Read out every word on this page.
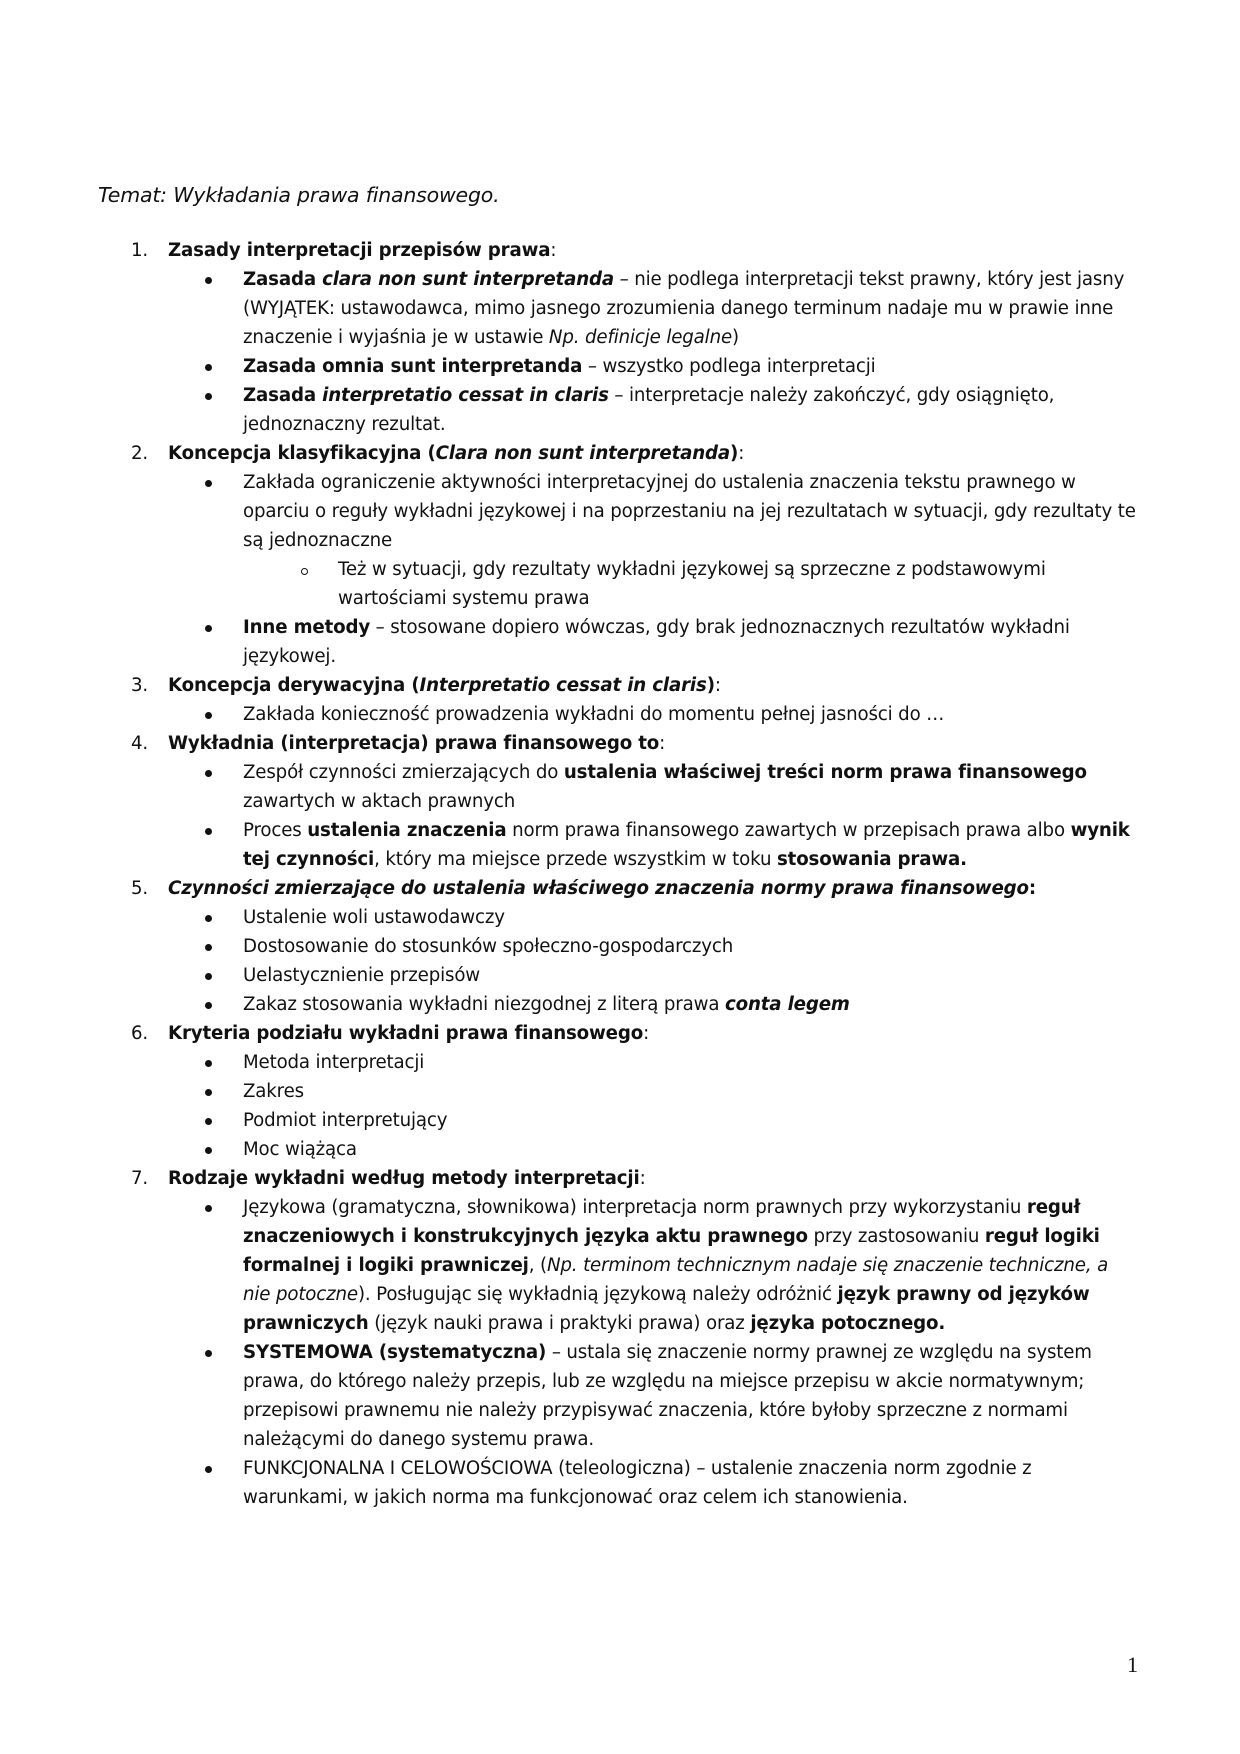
Temat: Wykładania prawa finansowego.
1. Zasady interpretacji przepisów prawa:
Zasada clara non sunt interpretanda – nie podlega interpretacji tekst prawny, który jest jasny (WYJĄTEK: ustawodawca, mimo jasnego zrozumienia danego terminum nadaje mu w prawie inne znaczenie i wyjaśnia je w ustawie Np. definicje legalne)
Zasada omnia sunt interpretanda – wszystko podlega interpretacji
Zasada interpretatio cessat in claris – interpretacje należy zakończyć, gdy osiągnięto, jednoznaczny rezultat.
2. Koncepcja klasyfikacyjna (Clara non sunt interpretanda):
Zakłada ograniczenie aktywności interpretacyjnej do ustalenia znaczenia tekstu prawnego w oparciu o reguły wykładni językowej i na poprzestaniu na jej rezultatach w sytuacji, gdy rezultaty te są jednoznaczne
Też w sytuacji, gdy rezultaty wykładni językowej są sprzeczne z podstawowymi wartościami systemu prawa
Inne metody – stosowane dopiero wówczas, gdy brak jednoznacznych rezultatów wykładni językowej.
3. Koncepcja derywacyjna (Interpretatio cessat in claris):
Zakłada konieczność prowadzenia wykładni do momentu pełnej jasności do …
4. Wykładnia (interpretacja) prawa finansowego to:
Zespół czynności zmierzających do ustalenia właściwej treści norm prawa finansowego zawartych w aktach prawnych
Proces ustalenia znaczenia norm prawa finansowego zawartych w przepisach prawa albo wynik tej czynności, który ma miejsce przede wszystkim w toku stosowania prawa.
5. Czynności zmierzające do ustalenia właściwego znaczenia normy prawa finansowego:
Ustalenie woli ustawodawczy
Dostosowanie do stosunków społeczno-gospodarczych
Uelastycznienie przepisów
Zakaz stosowania wykładni niezgodnej z literą prawa conta legem
6. Kryteria podziału wykładni prawa finansowego:
Metoda interpretacji
Zakres
Podmiot interpretujący
Moc wiążąca
7. Rodzaje wykładni według metody interpretacji:
Językowa (gramatyczna, słownikowa) interpretacja norm prawnych przy wykorzystaniu reguł znaczeniowych i konstrukcyjnych języka aktu prawnego przy zastosowaniu reguł logiki formalnej i logiki prawniczej, (Np. terminom technicznym nadaje się znaczenie techniczne, a nie potoczne). Posługując się wykładnią językową należy odróżnić język prawny od języków prawniczych (język nauki prawa i praktyki prawa) oraz języka potocznego.
SYSTEMOWA (systematyczna) – ustala się znaczenie normy prawnej ze względu na system prawa, do którego należy przepis, lub ze względu na miejsce przepisu w akcie normatywnym; przepisowi prawnemu nie należy przypisywać znaczenia, które byłoby sprzeczne z normami należącymi do danego systemu prawa.
FUNKCJONALNA I CELOWOŚCIOWA (teleologiczna) – ustalenie znaczenia norm zgodnie z warunkami, w jakich norma ma funkcjonować oraz celem ich stanowienia.
1
